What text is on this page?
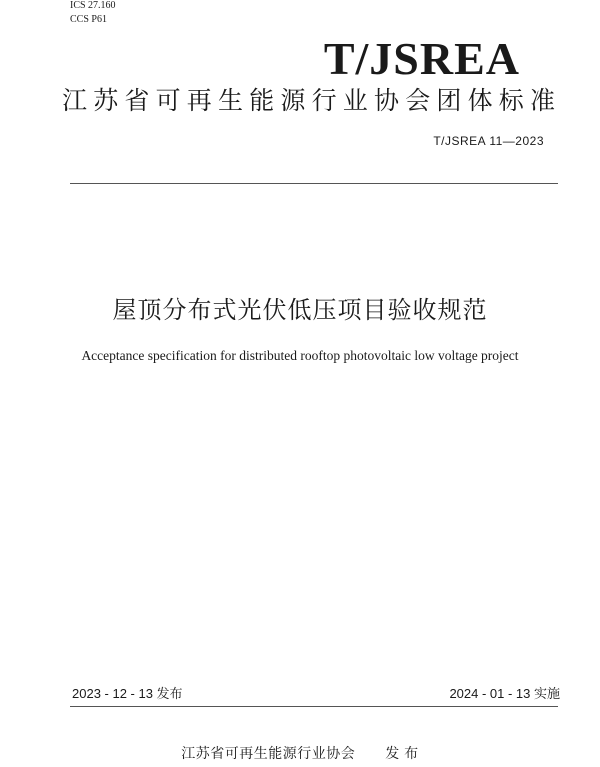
ICS 27.160
CCS P61
T/JSREA
江苏省可再生能源行业协会团体标准
T/JSREA 11—2023
屋顶分布式光伏低压项目验收规范
Acceptance specification for distributed rooftop photovoltaic low voltage project
2023 - 12 - 13 发布	2024 - 01 - 13 实施
江苏省可再生能源行业协会 发 布
